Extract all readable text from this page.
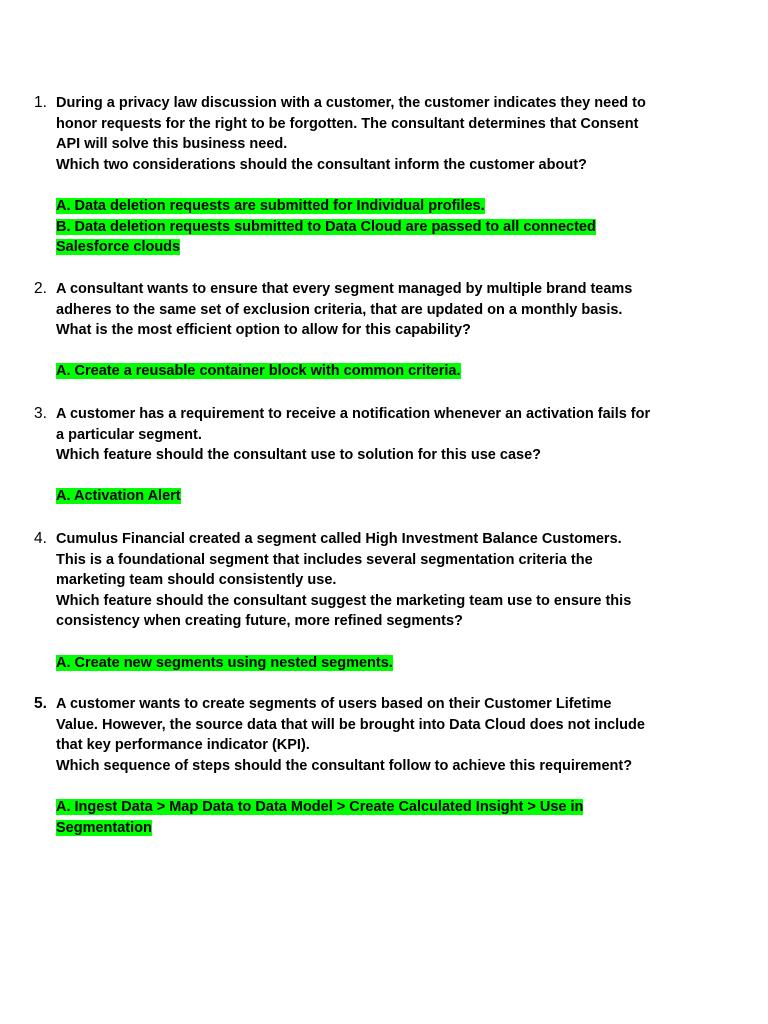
1. During a privacy law discussion with a customer, the customer indicates they need to
honor requests for the right to be forgotten. The consultant determines that Consent
API will solve this business need.
Which two considerations should the consultant inform the customer about?
A. Data deletion requests are submitted for Individual profiles.
B. Data deletion requests submitted to Data Cloud are passed to all connected
Salesforce clouds
2. A consultant wants to ensure that every segment managed by multiple brand teams
adheres to the same set of exclusion criteria, that are updated on a monthly basis.
What is the most efficient option to allow for this capability?
A. Create a reusable container block with common criteria.
3. A customer has a requirement to receive a notification whenever an activation fails for
a particular segment.
Which feature should the consultant use to solution for this use case?
A. Activation Alert
4. Cumulus Financial created a segment called High Investment Balance Customers.
This is a foundational segment that includes several segmentation criteria the
marketing team should consistently use.
Which feature should the consultant suggest the marketing team use to ensure this
consistency when creating future, more refined segments?
A. Create new segments using nested segments.
5. A customer wants to create segments of users based on their Customer Lifetime
Value. However, the source data that will be brought into Data Cloud does not include
that key performance indicator (KPI).
Which sequence of steps should the consultant follow to achieve this requirement?
A. Ingest Data > Map Data to Data Model > Create Calculated Insight > Use in
Segmentation
